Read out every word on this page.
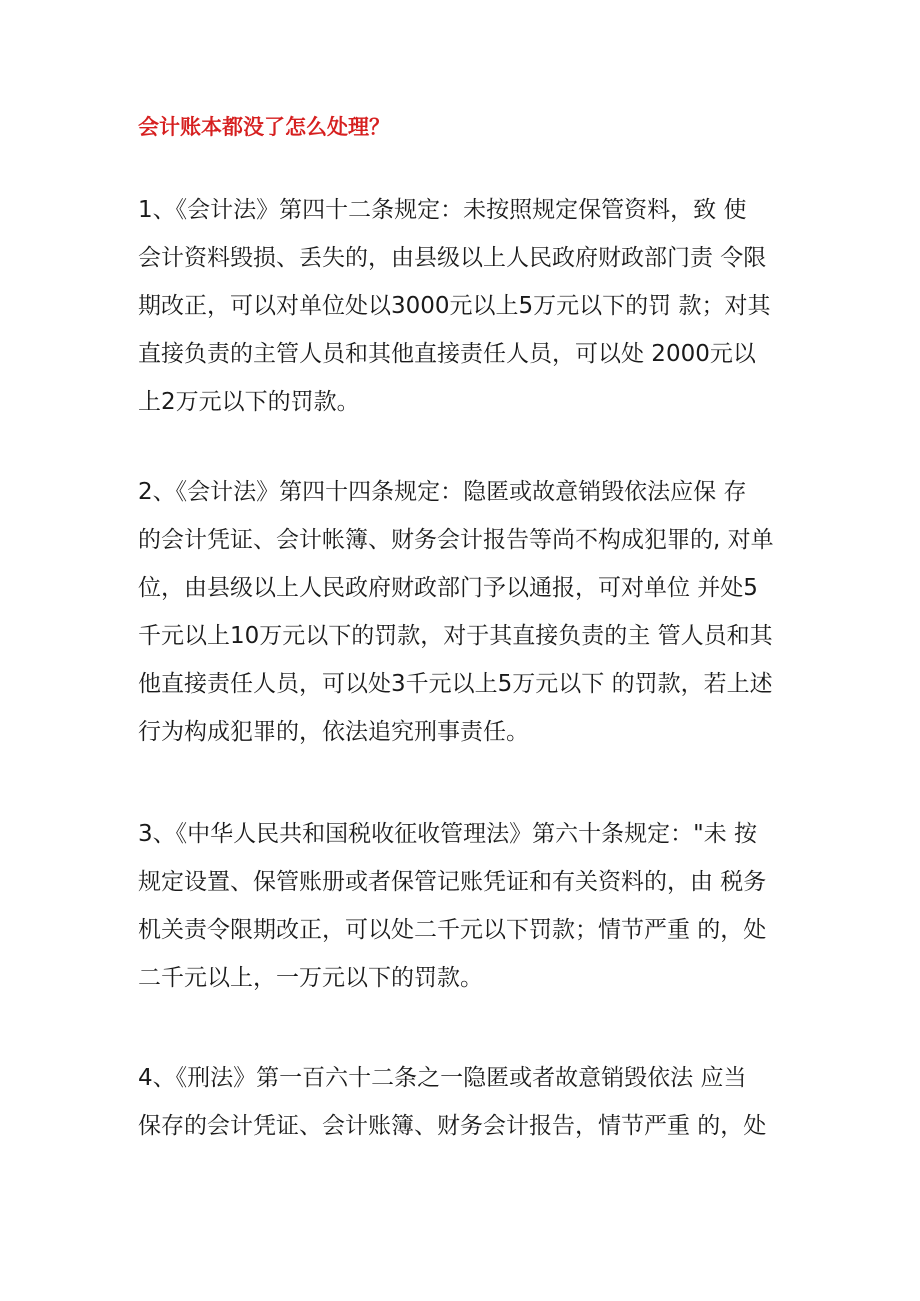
会计账本都没了怎么处理？
1、《会计法》第四十二条规定：未按照规定保管资料，致 使
会计资料毁损、丢失的，由县级以上人民政府财政部门责 令限
期改正，可以对单位处以3000元以上5万元以下的罚 款；对其
直接负责的主管人员和其他直接责任人员，可以处 2000元以
上2万元以下的罚款。
2、《会计法》第四十四条规定：隐匿或故意销毁依法应保 存
的会计凭证、会计帐簿、财务会计报告等尚不构成犯罪的, 对单
位，由县级以上人民政府财政部门予以通报，可对单位 并处5
千元以上10万元以下的罚款，对于其直接负责的主 管人员和其
他直接责任人员，可以处3千元以上5万元以下 的罚款，若上述
行为构成犯罪的，依法追究刑事责任。
3、《中华人民共和国税收征收管理法》第六十条规定："未 按
规定设置、保管账册或者保管记账凭证和有关资料的，由 税务
机关责令限期改正，可以处二千元以下罚款；情节严重 的，处
二千元以上，一万元以下的罚款。
4、《刑法》第一百六十二条之一隐匿或者故意销毁依法 应当
保存的会计凭证、会计账簿、财务会计报告，情节严重 的，处
